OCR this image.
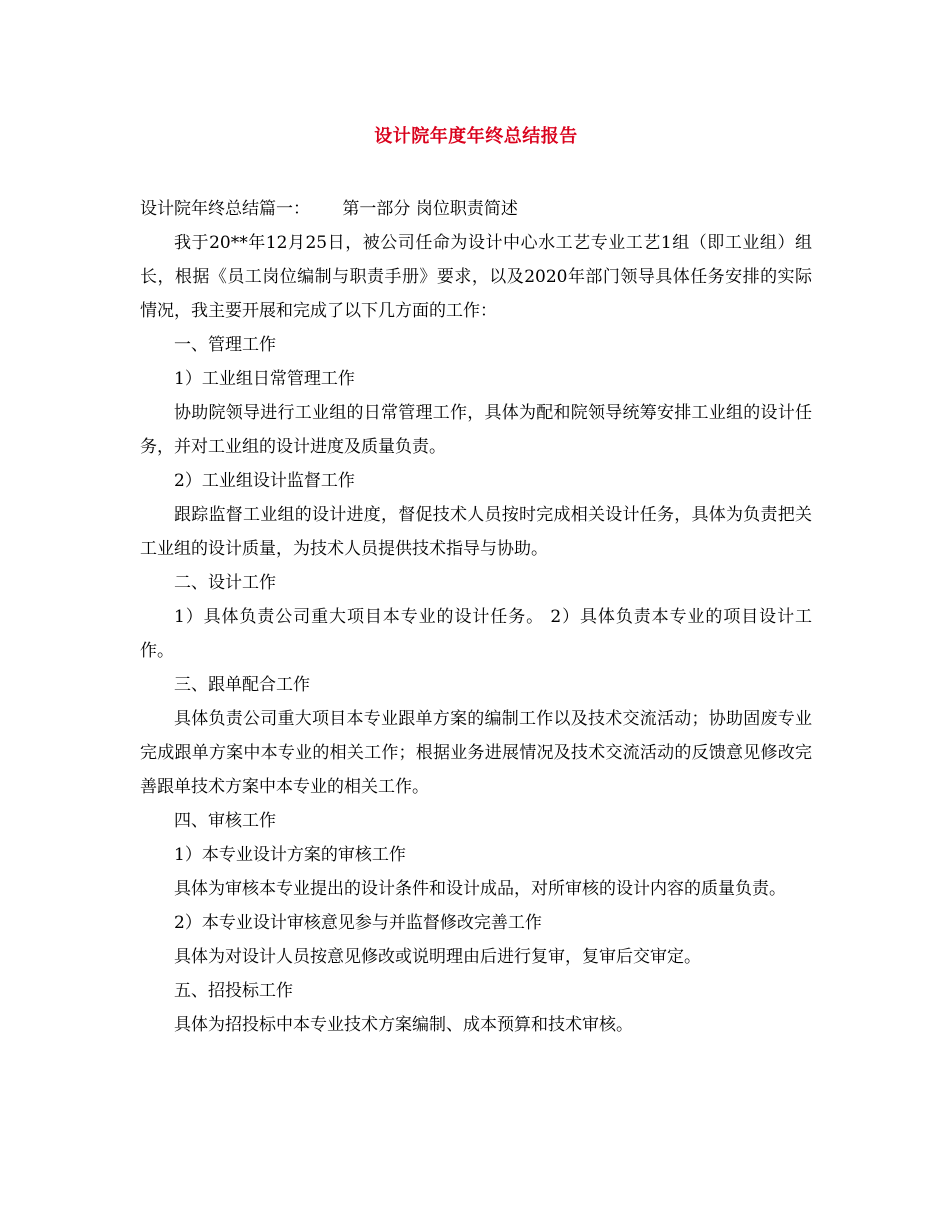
设计院年度年终总结报告

设计院年终总结篇一：      第一部分 岗位职责简述

我于20**年12月25日，被公司任命为设计中心水工艺专业工艺1组（即工业组）组长，根据《员工岗位编制与职责手册》要求，以及2020年部门领导具体任务安排的实际情况，我主要开展和完成了以下几方面的工作：

一、管理工作

1）工业组日常管理工作

协助院领导进行工业组的日常管理工作，具体为配和院领导统筹安排工业组的设计任务，并对工业组的设计进度及质量负责。

2）工业组设计监督工作

跟踪监督工业组的设计进度，督促技术人员按时完成相关设计任务，具体为负责把关工业组的设计质量，为技术人员提供技术指导与协助。

二、设计工作

1）具体负责公司重大项目本专业的设计任务。 2）具体负责本专业的项目设计工作。

三、跟单配合工作

具体负责公司重大项目本专业跟单方案的编制工作以及技术交流活动；协助固废专业完成跟单方案中本专业的相关工作；根据业务进展情况及技术交流活动的反馈意见修改完善跟单技术方案中本专业的相关工作。

四、审核工作

1）本专业设计方案的审核工作

具体为审核本专业提出的设计条件和设计成品，对所审核的设计内容的质量负责。

2）本专业设计审核意见参与并监督修改完善工作

具体为对设计人员按意见修改或说明理由后进行复审，复审后交审定。

五、招投标工作

具体为招投标中本专业技术方案编制、成本预算和技术审核。
